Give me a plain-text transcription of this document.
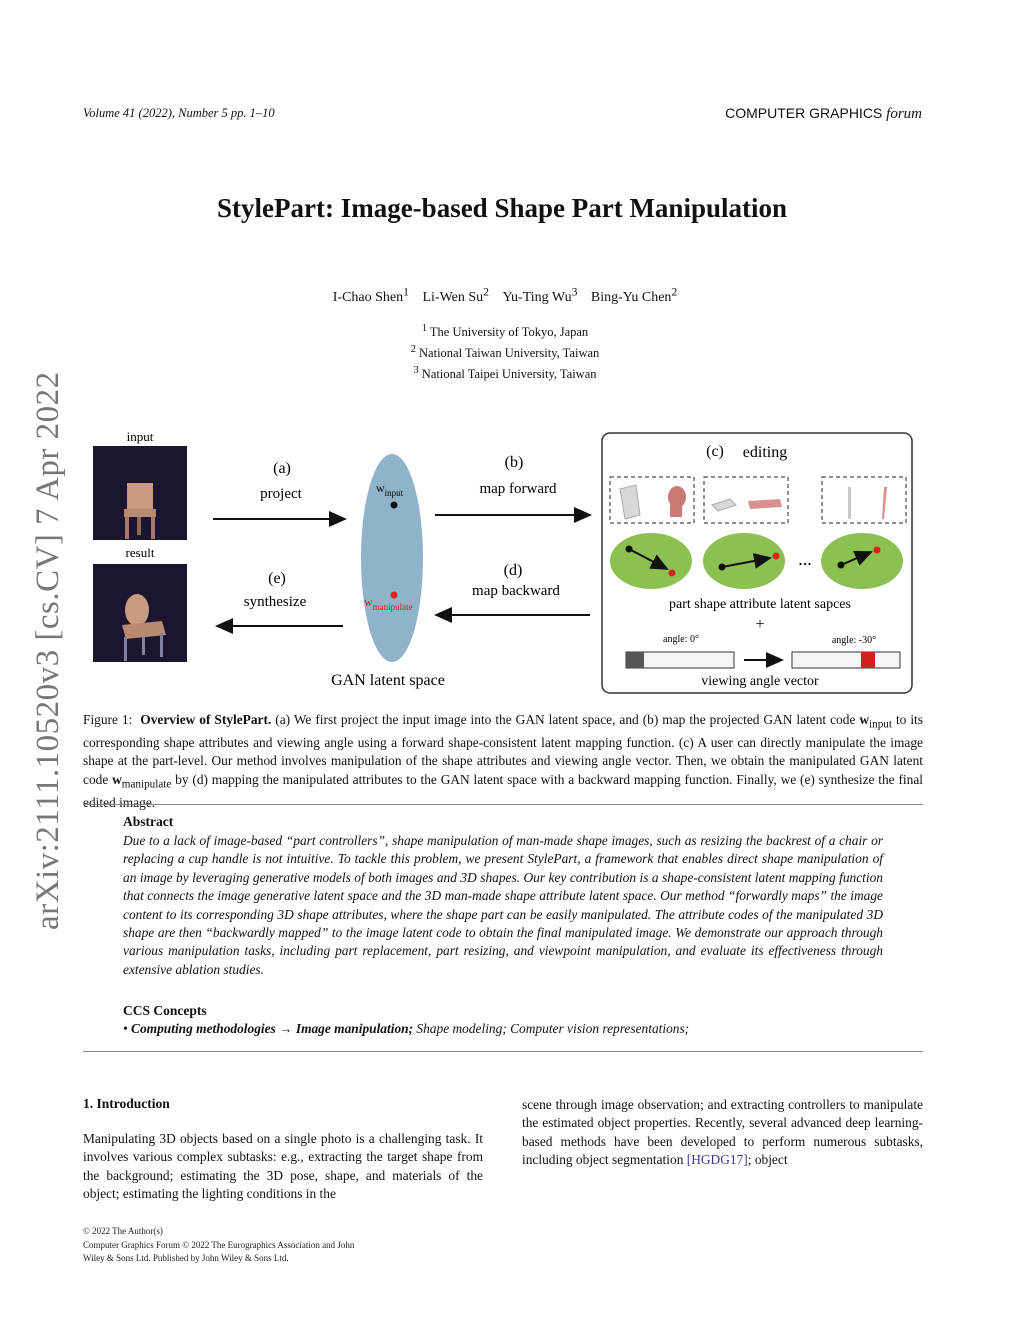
Volume 41 (2022), Number 5 pp. 1–10	COMPUTER GRAPHICS forum
StylePart: Image-based Shape Part Manipulation
I-Chao Shen$^1$ Li-Wen Su$^2$ Yu-Ting Wu$^3$ Bing-Yu Chen$^2$
$^1$ The University of Tokyo, Japan
$^2$ National Taiwan University, Taiwan
$^3$ National Taipei University, Taiwan
arXiv:2111.10520v3 [cs.CV] 7 Apr 2022	input
result
(a)
project
(e)
synthesize
$w_{input}$
$w_{manipulate}$
GAN latent space
(b)
map forward
(d)
map backward
(c) editing
...
part shape attribute latent sapces
+
angle: 0°	angle: -30°
viewing angle vector
Figure 1: Overview of StylePart. (a) We first project the input image into the GAN latent space, and (b) map the projected GAN latent code $w_{input}$ to its corresponding shape attributes and viewing angle using a forward shape-consistent latent mapping function. (c) A user can directly manipulate the image shape at the part-level. Our method involves manipulation of the shape attributes and viewing angle vector. Then, we obtain the manipulated GAN latent code $w_{manipulate}$ by (d) mapping the manipulated attributes to the GAN latent space with a backward mapping function. Finally, we (e) synthesize the final edited image.
Abstract
Due to a lack of image-based “part controllers”, shape manipulation of man-made shape images, such as resizing the backrest of a chair or replacing a cup handle is not intuitive. To tackle this problem, we present StylePart, a framework that enables direct shape manipulation of an image by leveraging generative models of both images and 3D shapes. Our key contribution is a shape-consistent latent mapping function that connects the image generative latent space and the 3D man-made shape attribute latent space. Our method “forwardly maps” the image content to its corresponding 3D shape attributes, where the shape part can be easily manipulated. The attribute codes of the manipulated 3D shape are then “backwardly mapped” to the image latent code to obtain the final manipulated image. We demonstrate our approach through various manipulation tasks, including part replacement, part resizing, and viewpoint manipulation, and evaluate its effectiveness through extensive ablation studies.
CCS Concepts
• Computing methodologies → Image manipulation; Shape modeling; Computer vision representations;
1. Introduction
Manipulating 3D objects based on a single photo is a challenging task. It involves various complex subtasks: e.g., extracting the target shape from the background; estimating the 3D pose, shape, and materials of the object; estimating the lighting conditions in the
scene through image observation; and extracting controllers to manipulate the estimated object properties. Recently, several advanced deep learning-based methods have been developed to perform numerous subtasks, including object segmentation [HGDG17]; object
© 2022 The Author(s)
Computer Graphics Forum © 2022 The Eurographics Association and John
Wiley & Sons Ltd. Published by John Wiley & Sons Ltd.
